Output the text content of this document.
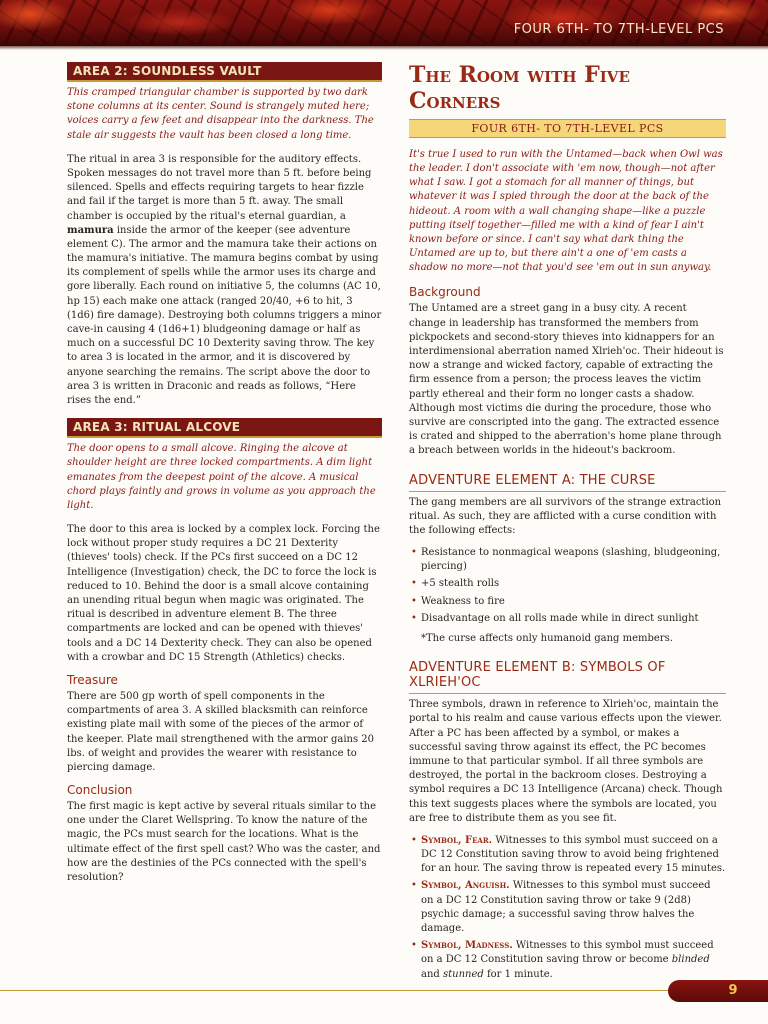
FOUR 6TH- TO 7TH-LEVEL PCS
AREA 2: SOUNDLESS VAULT

This cramped triangular chamber is supported by two dark stone columns at its center. Sound is strangely muted here; voices carry a few feet and disappear into the darkness. The stale air suggests the vault has been closed a long time.

The ritual in area 3 is responsible for the auditory effects. Spoken messages do not travel more than 5 ft. before being silenced. Spells and effects requiring targets to hear fizzle and fail if the target is more than 5 ft. away. The small chamber is occupied by the ritual's eternal guardian, a mamura inside the armor of the keeper (see adventure element C). The armor and the mamura take their actions on the mamura's initiative. The mamura begins combat by using its complement of spells while the armor uses its charge and gore liberally. Each round on initiative 5, the columns (AC 10, hp 15) each make one attack (ranged 20/40, +6 to hit, 3 (1d6) fire damage). Destroying both columns triggers a minor cave-in causing 4 (1d6+1) bludgeoning damage or half as much on a successful DC 10 Dexterity saving throw. The key to area 3 is located in the armor, and it is discovered by anyone searching the remains. The script above the door to area 3 is written in Draconic and reads as follows, “Here rises the end.”

AREA 3: RITUAL ALCOVE

The door opens to a small alcove. Ringing the alcove at shoulder height are three locked compartments. A dim light emanates from the deepest point of the alcove. A musical chord plays faintly and grows in volume as you approach the light.

The door to this area is locked by a complex lock. Forcing the lock without proper study requires a DC 21 Dexterity (thieves' tools) check. If the PCs first succeed on a DC 12 Intelligence (Investigation) check, the DC to force the lock is reduced to 10. Behind the door is a small alcove containing an unending ritual begun when magic was originated. The ritual is described in adventure element B. The three compartments are locked and can be opened with thieves' tools and a DC 14 Dexterity check. They can also be opened with a crowbar and DC 15 Strength (Athletics) checks.

Treasure

There are 500 gp worth of spell components in the compartments of area 3. A skilled blacksmith can reinforce existing plate mail with some of the pieces of the armor of the keeper. Plate mail strengthened with the armor gains 20 lbs. of weight and provides the wearer with resistance to piercing damage.

Conclusion

The first magic is kept active by several rituals similar to the one under the Claret Wellspring. To know the nature of the magic, the PCs must search for the locations. What is the ultimate effect of the first spell cast? Who was the caster, and how are the destinies of the PCs connected with the spell's resolution?

The Room with Five Corners
FOUR 6TH- TO 7TH-LEVEL PCS

It's true I used to run with the Untamed—back when Owl was the leader. I don't associate with 'em now, though—not after what I saw. I got a stomach for all manner of things, but whatever it was I spied through the door at the back of the hideout. A room with a wall changing shape—like a puzzle putting itself together—filled me with a kind of fear I ain't known before or since. I can't say what dark thing the Untamed are up to, but there ain't a one of 'em casts a shadow no more—not that you'd see 'em out in sun anyway.

Background

The Untamed are a street gang in a busy city. A recent change in leadership has transformed the members from pickpockets and second-story thieves into kidnappers for an interdimensional aberration named Xlrieh'oc. Their hideout is now a strange and wicked factory, capable of extracting the firm essence from a person; the process leaves the victim partly ethereal and their form no longer casts a shadow. Although most victims die during the procedure, those who survive are conscripted into the gang. The extracted essence is crated and shipped to the aberration's home plane through a breach between worlds in the hideout's backroom.

ADVENTURE ELEMENT A: THE CURSE

The gang members are all survivors of the strange extraction ritual. As such, they are afflicted with a curse condition with the following effects:

• Resistance to nonmagical weapons (slashing, bludgeoning, piercing)
• +5 stealth rolls
• Weakness to fire
• Disadvantage on all rolls made while in direct sunlight

*The curse affects only humanoid gang members.

ADVENTURE ELEMENT B: SYMBOLS OF XLRIEH'OC

Three symbols, drawn in reference to Xlrieh'oc, maintain the portal to his realm and cause various effects upon the viewer. After a PC has been affected by a symbol, or makes a successful saving throw against its effect, the PC becomes immune to that particular symbol. If all three symbols are destroyed, the portal in the backroom closes. Destroying a symbol requires a DC 13 Intelligence (Arcana) check. Though this text suggests places where the symbols are located, you are free to distribute them as you see fit.

• Symbol, Fear. Witnesses to this symbol must succeed on a DC 12 Constitution saving throw to avoid being frightened for an hour. The saving throw is repeated every 15 minutes.
• Symbol, Anguish. Witnesses to this symbol must succeed on a DC 12 Constitution saving throw or take 9 (2d8) psychic damage; a successful saving throw halves the damage.
• Symbol, Madness. Witnesses to this symbol must succeed on a DC 12 Constitution saving throw or become blinded and stunned for 1 minute.
9
